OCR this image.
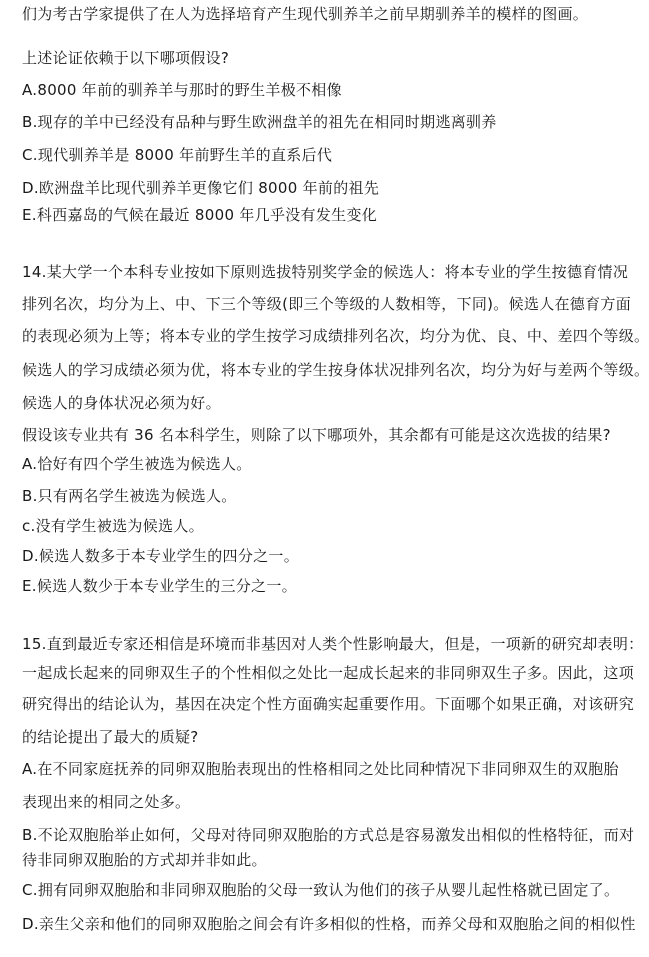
们为考古学家提供了在人为选择培育产生现代驯养羊之前早期驯养羊的模样的图画。
上述论证依赖于以下哪项假设?
A.8000 年前的驯养羊与那时的野生羊极不相像
B.现存的羊中已经没有品种与野生欧洲盘羊的祖先在相同时期逃离驯养
C.现代驯养羊是 8000 年前野生羊的直系后代
D.欧洲盘羊比现代驯养羊更像它们 8000 年前的祖先
E.科西嘉岛的气候在最近 8000 年几乎没有发生变化
14.某大学一个本科专业按如下原则选拔特别奖学金的候选人：将本专业的学生按德育情况
排列名次，均分为上、中、下三个等级(即三个等级的人数相等，下同)。候选人在德育方面
的表现必须为上等；将本专业的学生按学习成绩排列名次，均分为优、良、中、差四个等级。
候选人的学习成绩必须为优，将本专业的学生按身体状况排列名次，均分为好与差两个等级。
候选人的身体状况必须为好。
假设该专业共有 36 名本科学生，则除了以下哪项外，其余都有可能是这次选拔的结果?
A.恰好有四个学生被选为候选人。
B.只有两名学生被选为候选人。
c.没有学生被选为候选人。
D.候选人数多于本专业学生的四分之一。
E.候选人数少于本专业学生的三分之一。
15.直到最近专家还相信是环境而非基因对人类个性影响最大，但是，一项新的研究却表明：
一起成长起来的同卵双生子的个性相似之处比一起成长起来的非同卵双生子多。因此，这项
研究得出的结论认为，基因在决定个性方面确实起重要作用。下面哪个如果正确，对该研究
的结论提出了最大的质疑?
A.在不同家庭抚养的同卵双胞胎表现出的性格相同之处比同种情况下非同卵双生的双胞胎
表现出来的相同之处多。
B.不论双胞胎举止如何，父母对待同卵双胞胎的方式总是容易激发出相似的性格特征，而对
待非同卵双胞胎的方式却并非如此。
C.拥有同卵双胞胎和非同卵双胞胎的父母一致认为他们的孩子从婴儿起性格就已固定了。
D.亲生父亲和他们的同卵双胞胎之间会有许多相似的性格，而养父母和双胞胎之间的相似性
